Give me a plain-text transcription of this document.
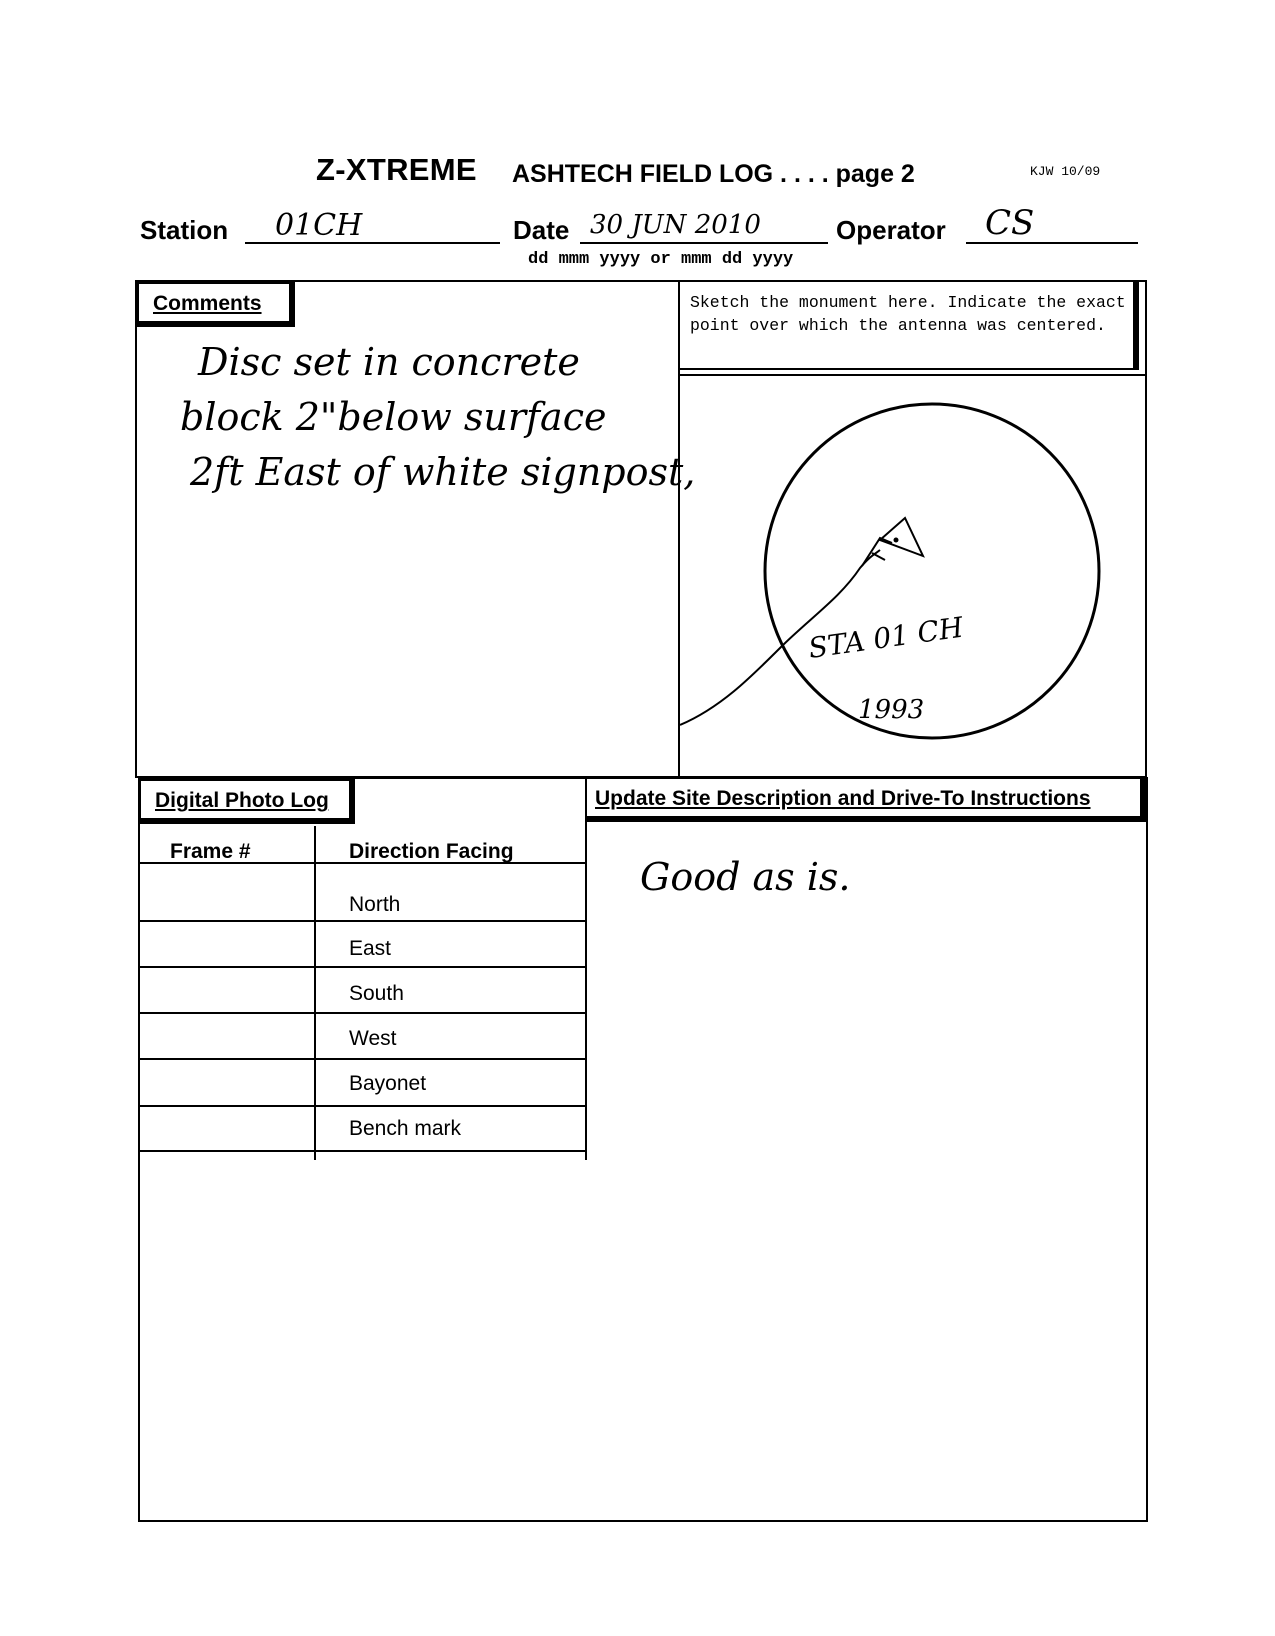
Z-XTREME ASHTECH FIELD LOG . . . . page 2	KJW 10/09
Station 01CH	Date 30 JUN 2010	Operator CS
dd mmm yyyy or mmm dd yyyy
Comments
Disc set in concrete
block 2"below surface
2ft East of white signpost,
Sketch the monument here. Indicate the exact point over which the antenna was centered.
STA 01 CH
1993
Digital Photo Log	Update Site Description and Drive-To Instructions
Good as is.
Frame #	Direction Facing
North
East
South
West
Bayonet
Bench mark
